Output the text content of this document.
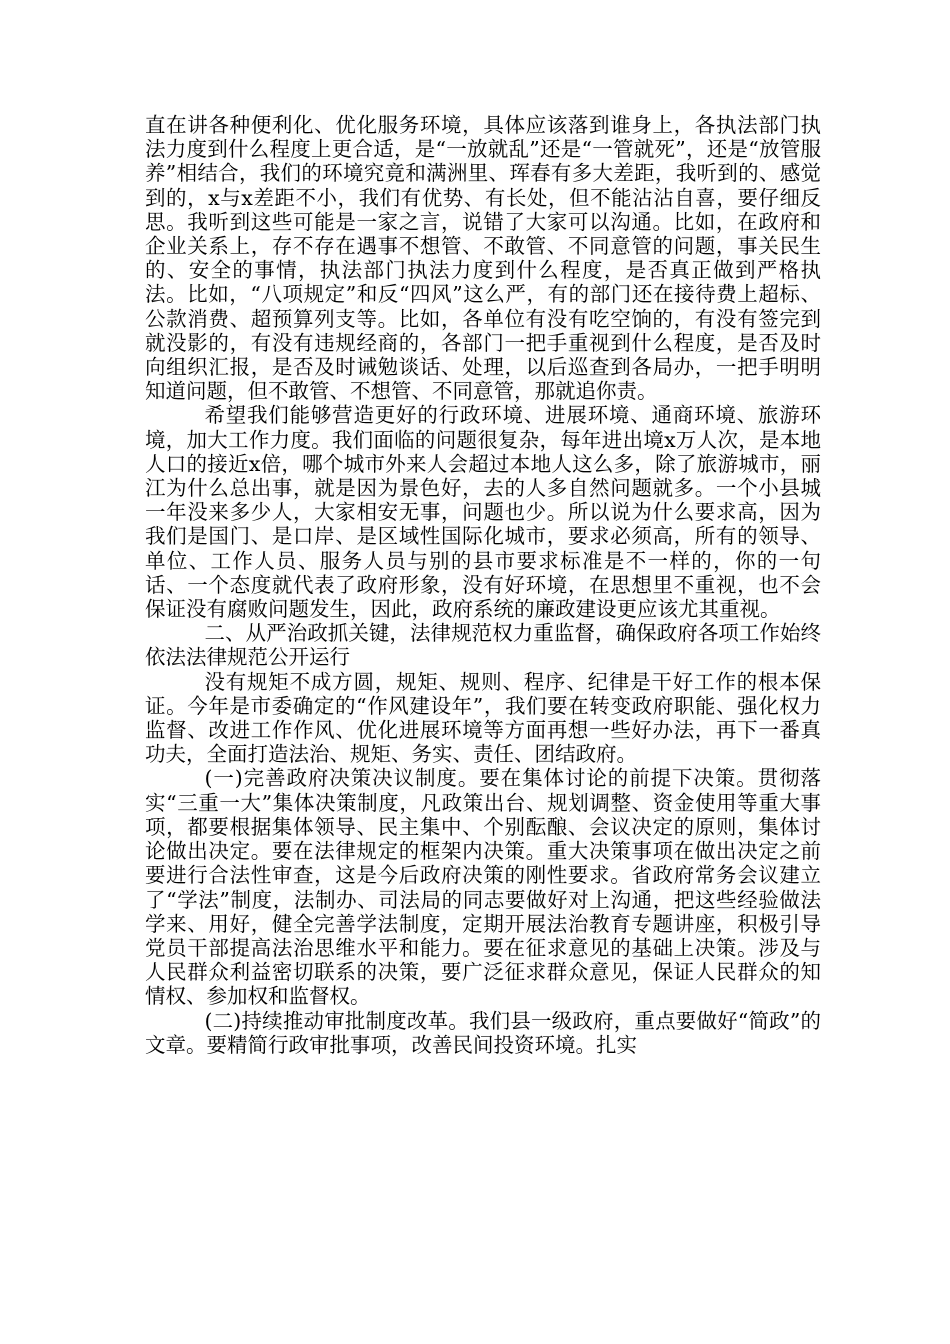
直在讲各种便利化、优化服务环境，具体应该落到谁身上，各执法部门执法力度到什么程度上更合适，是“一放就乱”还是“一管就死”，还是“放管服养”相结合，我们的环境究竟和满洲里、珲春有多大差距，我听到的、感觉到的，x与x差距不小，我们有优势、有长处，但不能沾沾自喜，要仔细反思。我听到这些可能是一家之言，说错了大家可以沟通。比如，在政府和企业关系上，存不存在遇事不想管、不敢管、不同意管的问题，事关民生的、安全的事情，执法部门执法力度到什么程度，是否真正做到严格执法。比如，“八项规定”和反“四风”这么严，有的部门还在接待费上超标、公款消费、超预算列支等。比如，各单位有没有吃空饷的，有没有签完到就没影的，有没有违规经商的，各部门一把手重视到什么程度，是否及时向组织汇报，是否及时诫勉谈话、处理，以后巡查到各局办，一把手明明知道问题，但不敢管、不想管、不同意管，那就追你责。

希望我们能够营造更好的行政环境、进展环境、通商环境、旅游环境，加大工作力度。我们面临的问题很复杂，每年进出境x万人次，是本地人口的接近x倍，哪个城市外来人会超过本地人这么多，除了旅游城市，丽江为什么总出事，就是因为景色好，去的人多自然问题就多。一个小县城一年没来多少人，大家相安无事，问题也少。所以说为什么要求高，因为我们是国门、是口岸、是区域性国际化城市，要求必须高，所有的领导、单位、工作人员、服务人员与别的县市要求标准是不一样的，你的一句话、一个态度就代表了政府形象，没有好环境，在思想里不重视，也不会保证没有腐败问题发生，因此，政府系统的廉政建设更应该尤其重视。

二、从严治政抓关键，法律规范权力重监督，确保政府各项工作始终依法法律规范公开运行

没有规矩不成方圆，规矩、规则、程序、纪律是干好工作的根本保证。今年是市委确定的“作风建设年”，我们要在转变政府职能、强化权力监督、改进工作作风、优化进展环境等方面再想一些好办法，再下一番真功夫，全面打造法治、规矩、务实、责任、团结政府。

(一)完善政府决策决议制度。要在集体讨论的前提下决策。贯彻落实“三重一大”集体决策制度，凡政策出台、规划调整、资金使用等重大事项，都要根据集体领导、民主集中、个别酝酿、会议决定的原则，集体讨论做出决定。要在法律规定的框架内决策。重大决策事项在做出决定之前要进行合法性审查，这是今后政府决策的刚性要求。省政府常务会议建立了“学法”制度，法制办、司法局的同志要做好对上沟通，把这些经验做法学来、用好，健全完善学法制度，定期开展法治教育专题讲座，积极引导党员干部提高法治思维水平和能力。要在征求意见的基础上决策。涉及与人民群众利益密切联系的决策，要广泛征求群众意见，保证人民群众的知情权、参加权和监督权。

(二)持续推动审批制度改革。我们县一级政府，重点要做好“简政”的文章。要精简行政审批事项，改善民间投资环境。扎实
